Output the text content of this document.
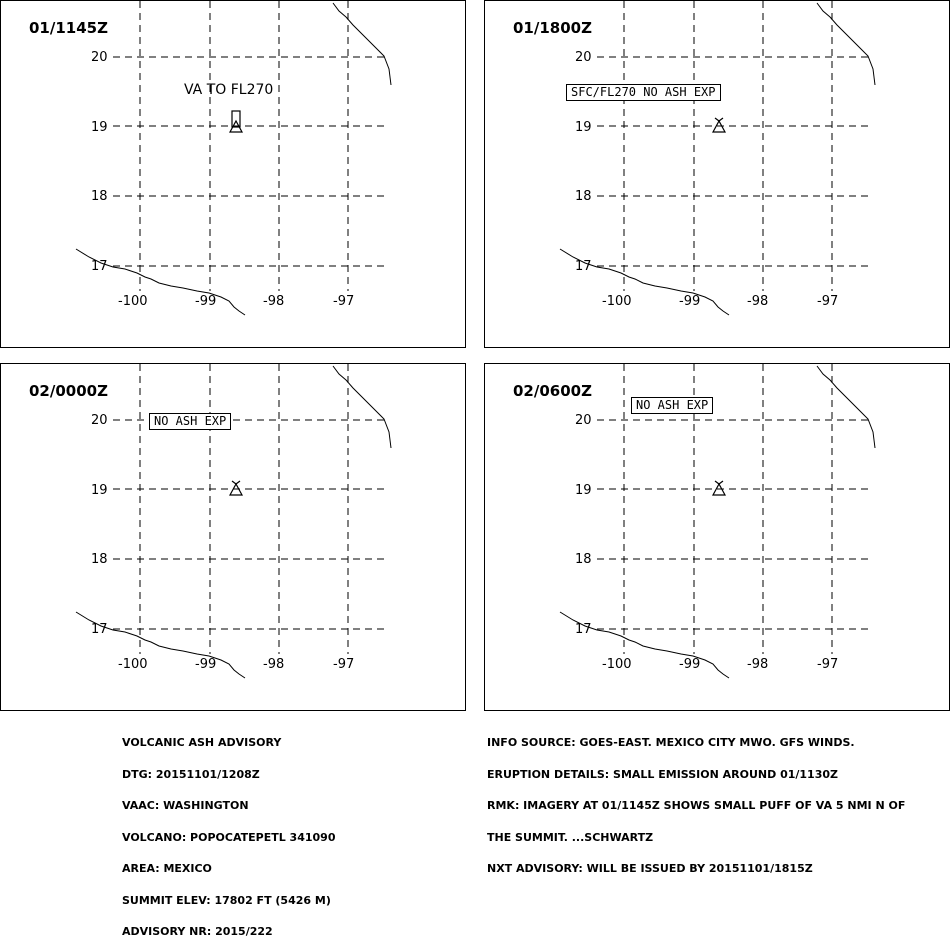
20
19
18
17
-100	-99	-98	-97
01/1145Z
VA TO FL270
20
19
18
17
-100	-99	-98	-97
01/1800Z
SFC/FL270 NO ASH EXP
20
19
18
17
-100	-99	-98	-97
02/0000Z
NO ASH EXP	20
19
18
17
-100	-99	-98	-97
02/0600Z
NO ASH EXP

VOLCANIC ASH ADVISORY

DTG: 20151101/1208Z

VAAC: WASHINGTON

VOLCANO: POPOCATEPETL 341090

AREA: MEXICO

SUMMIT ELEV: 17802 FT (5426 M)

ADVISORY NR: 2015/222

INFO SOURCE: GOES-EAST. MEXICO CITY MWO. GFS WINDS.

ERUPTION DETAILS: SMALL EMISSION AROUND 01/1130Z

RMK: IMAGERY AT 01/1145Z SHOWS SMALL PUFF OF VA 5 NMI N OF

THE SUMMIT. ...SCHWARTZ

NXT ADVISORY: WILL BE ISSUED BY 20151101/1815Z
